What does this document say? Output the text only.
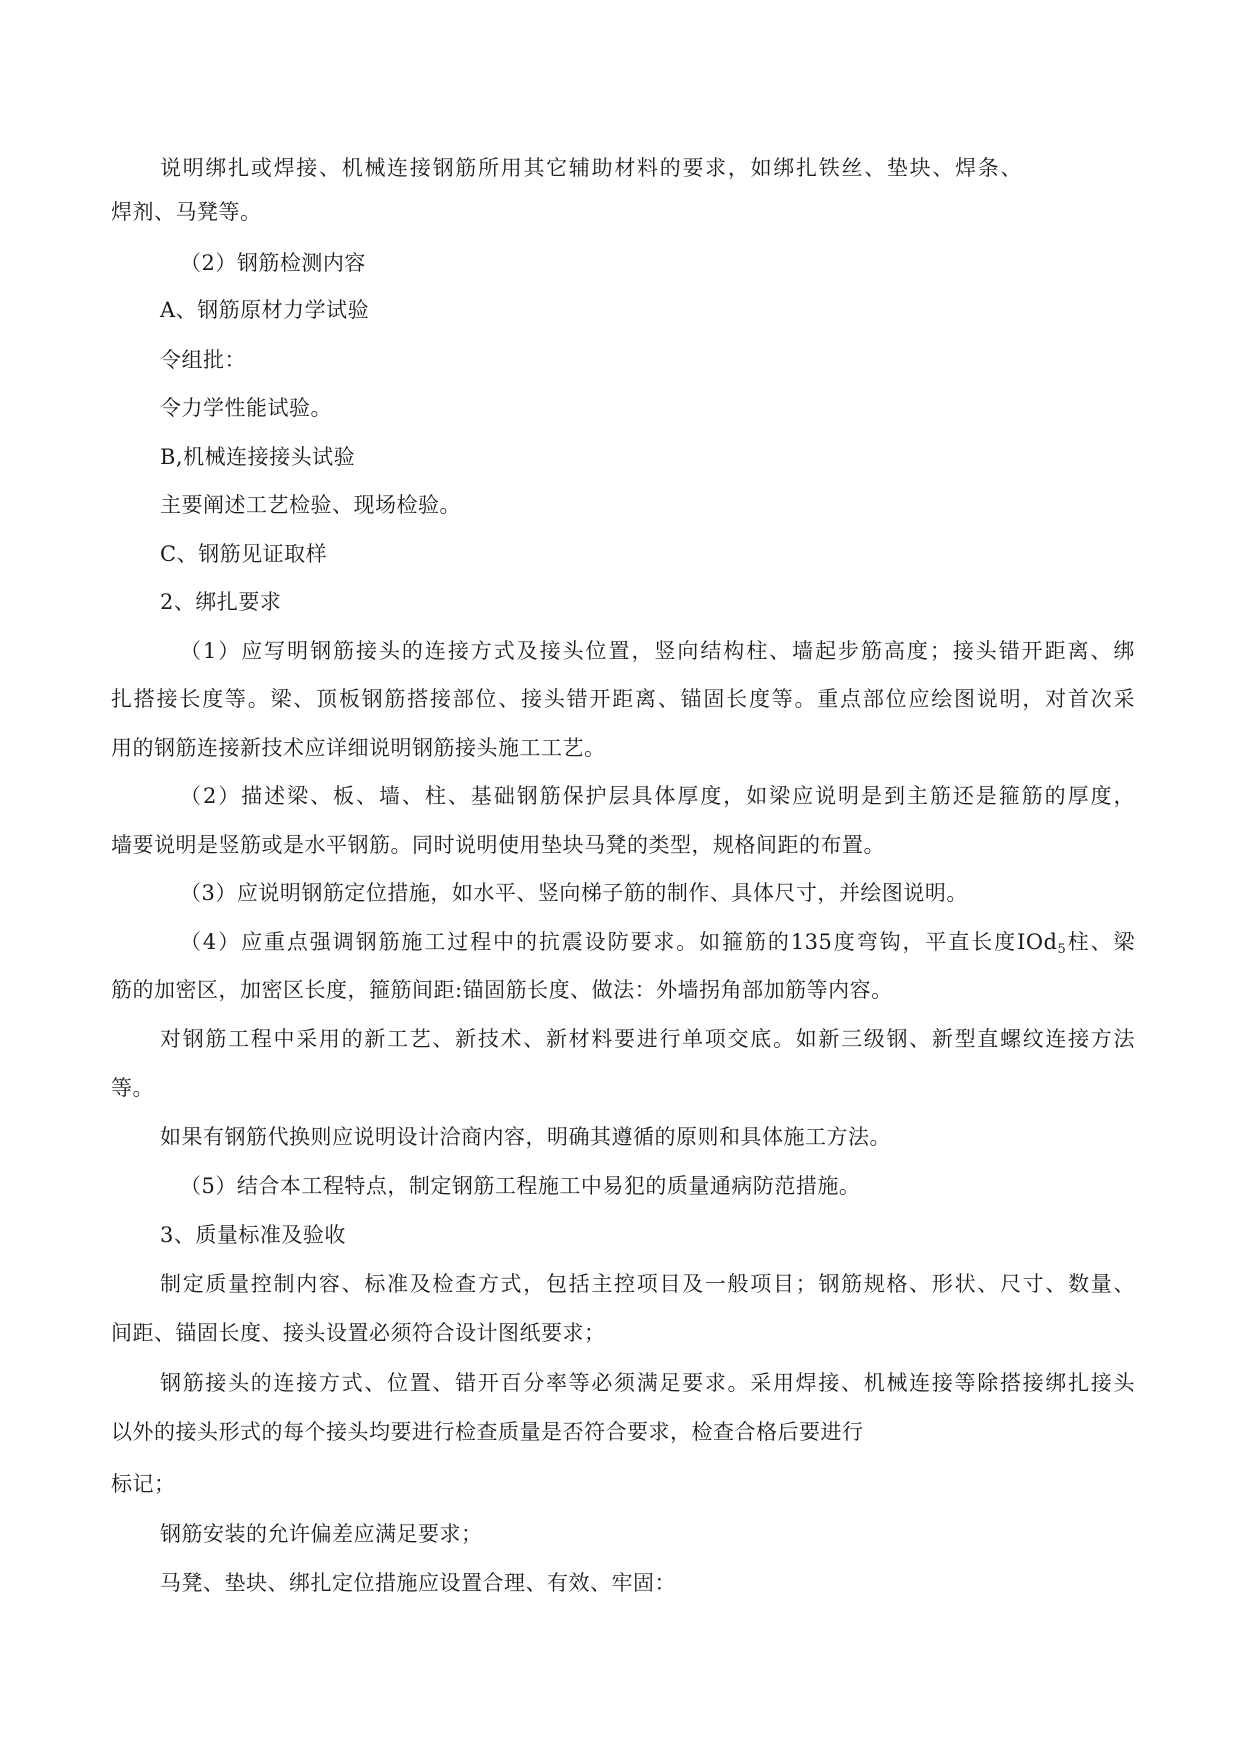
说明绑扎或焊接、机械连接钢筋所用其它辅助材料的要求，如绑扎铁丝、垫块、焊条、
焊剂、马凳等。
（2）钢筋检测内容
A、钢筋原材力学试验
令组批：
令力学性能试验。
B,机械连接接头试验
主要阐述工艺检验、现场检验。
C、钢筋见证取样
2、绑扎要求
（1）应写明钢筋接头的连接方式及接头位置，竖向结构柱、墙起步筋高度；接头错开距离、绑
扎搭接长度等。梁、顶板钢筋搭接部位、接头错开距离、锚固长度等。重点部位应绘图说明，对首次采
用的钢筋连接新技术应详细说明钢筋接头施工工艺。
（2）描述梁、板、墙、柱、基础钢筋保护层具体厚度，如梁应说明是到主筋还是箍筋的厚度，
墙要说明是竖筋或是水平钢筋。同时说明使用垫块马凳的类型，规格间距的布置。
（3）应说明钢筋定位措施，如水平、竖向梯子筋的制作、具体尺寸，并绘图说明。
（4）应重点强调钢筋施工过程中的抗震设防要求。如箍筋的135度弯钩，平直长度IOd$_5$柱、梁
筋的加密区，加密区长度，箍筋间距:锚固筋长度、做法：外墙拐角部加筋等内容。
对钢筋工程中采用的新工艺、新技术、新材料要进行单项交底。如新三级钢、新型直螺纹连接方法
等。
如果有钢筋代换则应说明设计洽商内容，明确其遵循的原则和具体施工方法。
（5）结合本工程特点，制定钢筋工程施工中易犯的质量通病防范措施。
3、质量标准及验收
制定质量控制内容、标准及检查方式，包括主控项目及一般项目；钢筋规格、形状、尺寸、数量、
间距、锚固长度、接头设置必须符合设计图纸要求；
钢筋接头的连接方式、位置、错开百分率等必须满足要求。采用焊接、机械连接等除搭接绑扎接头
以外的接头形式的每个接头均要进行检查质量是否符合要求，检查合格后要进行
标记；
钢筋安装的允许偏差应满足要求；
马凳、垫块、绑扎定位措施应设置合理、有效、牢固：
